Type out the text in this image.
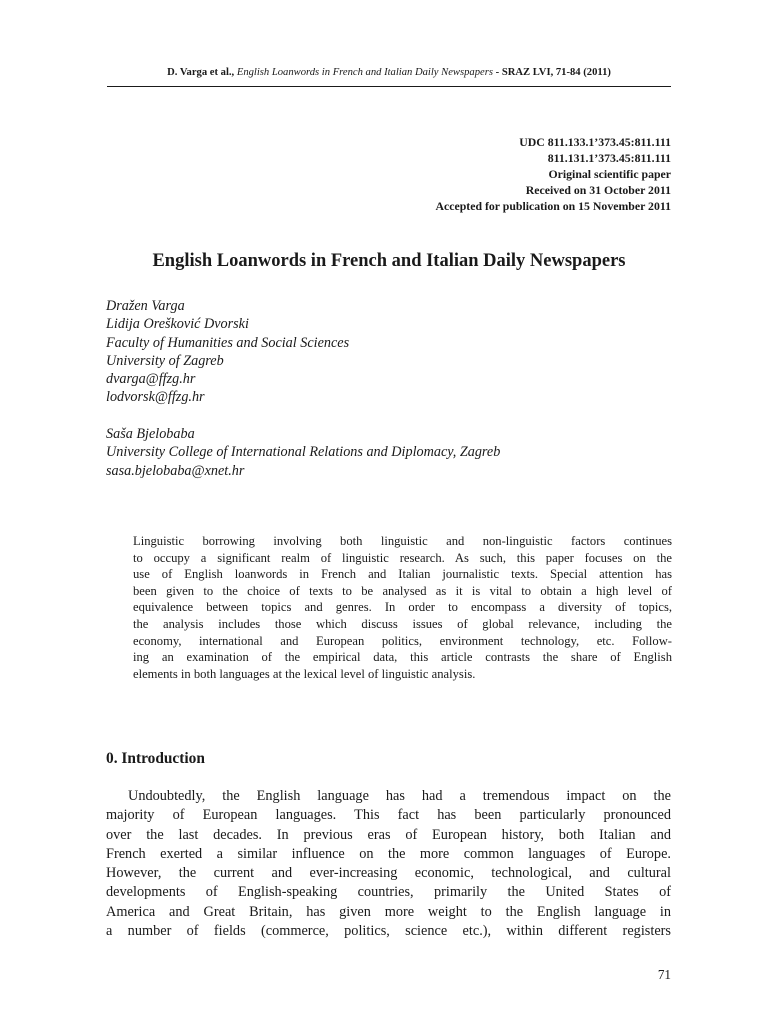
D. Varga et al., English Loanwords in French and Italian Daily Newspapers - SRAZ LVI, 71-84 (2011)
UDC 811.133.1’373.45:811.111
811.131.1’373.45:811.111
Original scientific paper
Received on 31 October 2011
Accepted for publication on 15 November 2011
English Loanwords in French and Italian Daily Newspapers
Dražen Varga
Lidija Orešković Dvorski
Faculty of Humanities and Social Sciences
University of Zagreb
dvarga@ffzg.hr
lodvorsk@ffzg.hr
Saša Bjelobaba
University College of International Relations and Diplomacy, Zagreb
sasa.bjelobaba@xnet.hr
Linguistic borrowing involving both linguistic and non-linguistic factors continues
to occupy a significant realm of linguistic research. As such, this paper focuses on the
use of English loanwords in French and Italian journalistic texts. Special attention has
been given to the choice of texts to be analysed as it is vital to obtain a high level of
equivalence between topics and genres. In order to encompass a diversity of topics,
the analysis includes those which discuss issues of global relevance, including the
economy, international and European politics, environment technology, etc. Follow-
ing an examination of the empirical data, this article contrasts the share of English
elements in both languages at the lexical level of linguistic analysis.
0. Introduction
Undoubtedly, the English language has had a tremendous impact on the
majority of European languages. This fact has been particularly pronounced
over the last decades. In previous eras of European history, both Italian and
French exerted a similar influence on the more common languages of Europe.
However, the current and ever-increasing economic, technological, and cultural
developments of English-speaking countries, primarily the United States of
America and Great Britain, has given more weight to the English language in
a number of fields (commerce, politics, science etc.), within different registers
71
